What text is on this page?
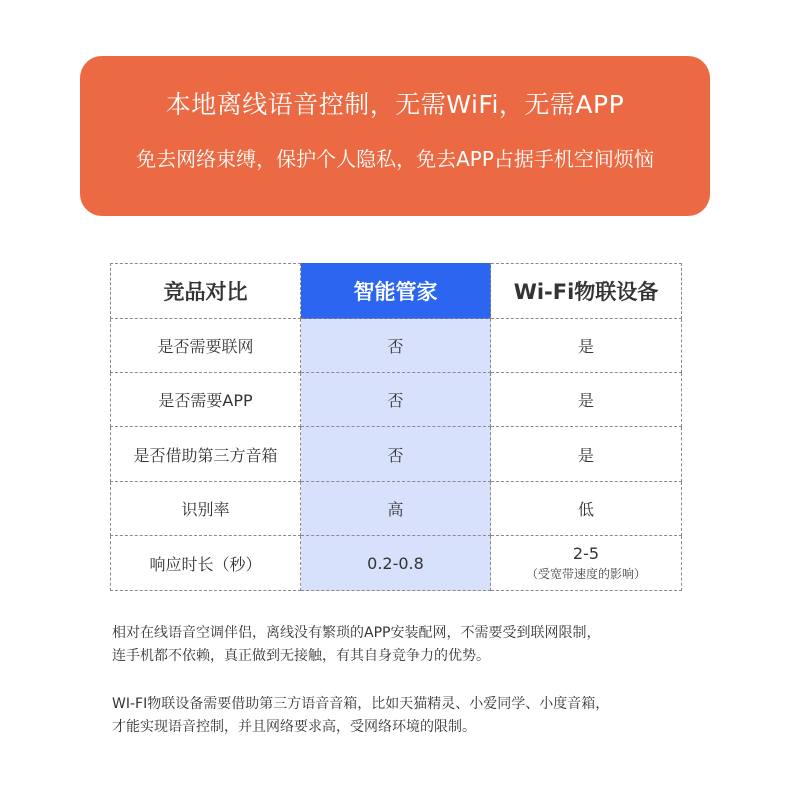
本地离线语音控制，无需WiFi，无需APP
免去网络束缚，保护个人隐私，免去APP占据手机空间烦恼
竞品对比	智能管家	Wi-Fi物联设备
是否需要联网	否	是
是否需要APP	否	是
是否借助第三方音箱	否	是
识别率	高	低
响应时长（秒）	0.2-0.8	2-5
（受宽带速度的影响）

相对在线语音空调伴侣，离线没有繁琐的APP安装配网，不需要受到联网限制，

连手机都不依赖，真正做到无接触，有其自身竞争力的优势。

WI-FI物联设备需要借助第三方语音音箱，比如天猫精灵、小爱同学、小度音箱，

才能实现语音控制，并且网络要求高，受网络环境的限制。
